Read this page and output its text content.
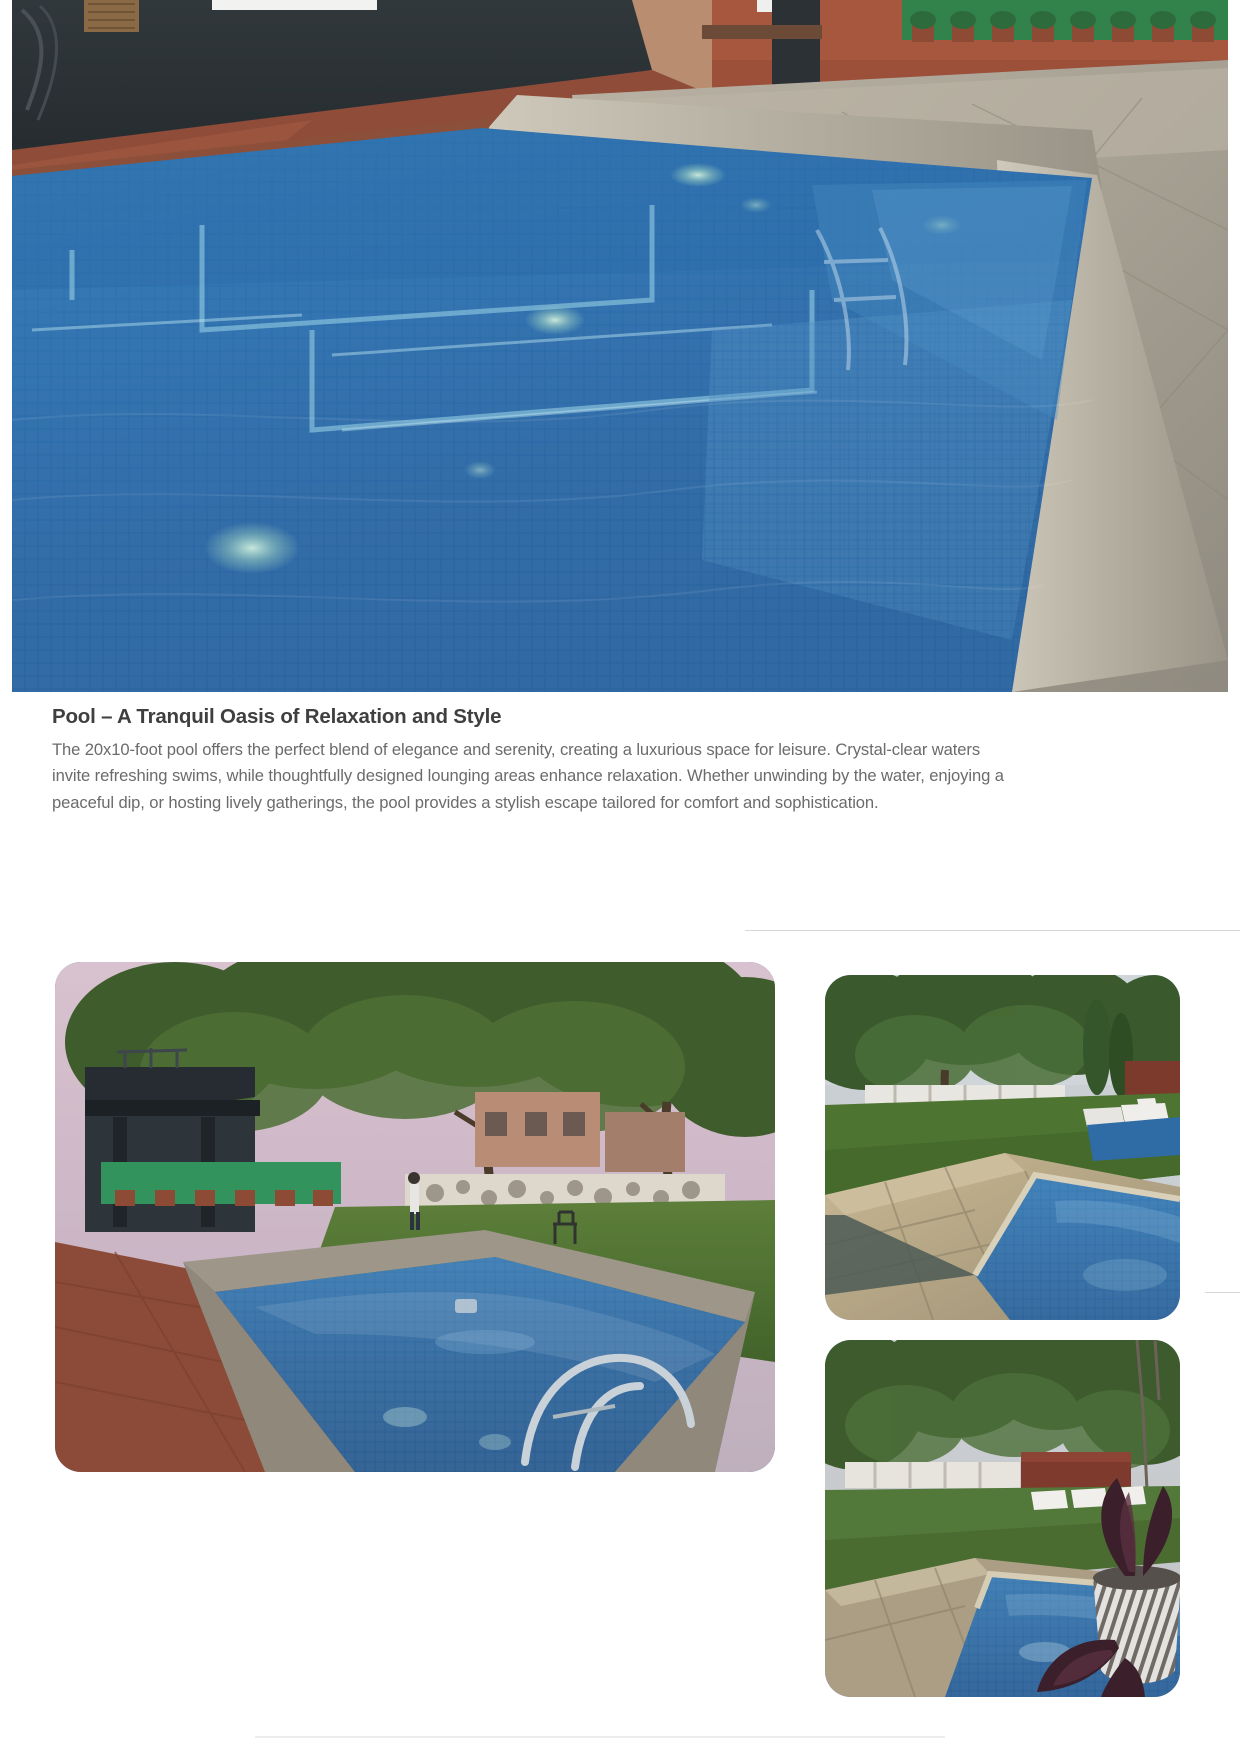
Pool – A Tranquil Oasis of Relaxation and Style

The 20x10-foot pool offers the perfect blend of elegance and serenity, creating a luxurious space for leisure. Crystal-clear waters invite refreshing swims, while thoughtfully designed lounging areas enhance relaxation. Whether unwinding by the water, enjoying a peaceful dip, or hosting lively gatherings, the pool provides a stylish escape tailored for comfort and sophistication.
